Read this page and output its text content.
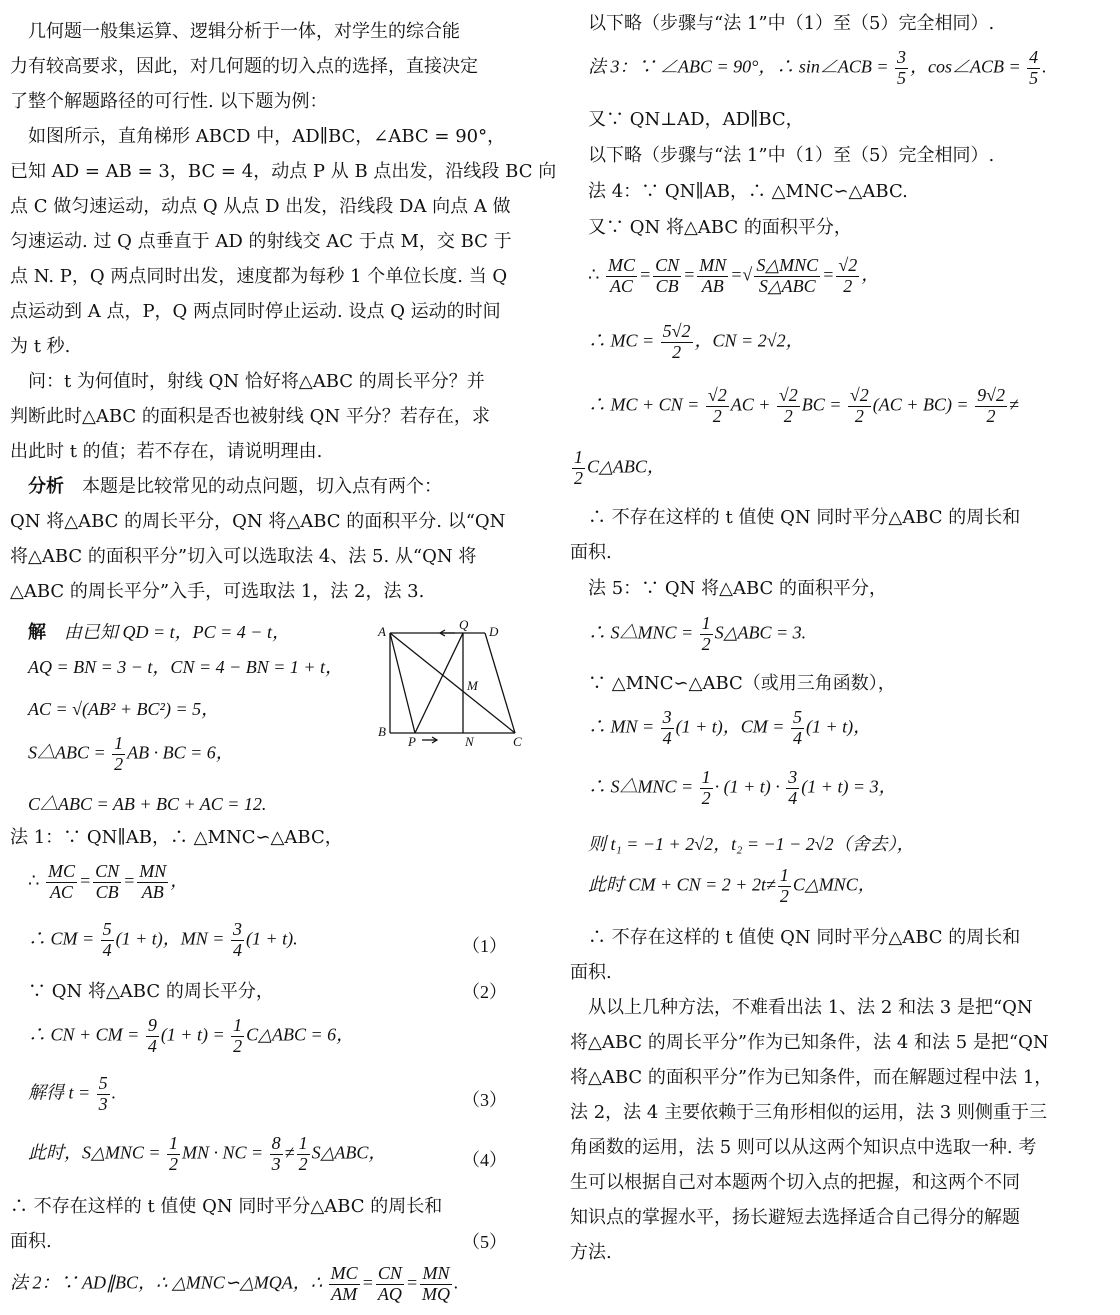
　几何题一般集运算、逻辑分析于一体，对学生的综合能
力有较高要求，因此，对几何题的切入点的选择，直接决定
了整个解题路径的可行性. 以下题为例：
　如图所示，直角梯形 ABCD 中，AD∥BC，∠ABC = 90°，
已知 AD = AB = 3，BC = 4，动点 P 从 B 点出发，沿线段 BC 向
点 C 做匀速运动，动点 Q 从点 D 出发，沿线段 DA 向点 A 做
匀速运动. 过 Q 点垂直于 AD 的射线交 AC 于点 M，交 BC 于
点 N. P，Q 两点同时出发，速度都为每秒 1 个单位长度. 当 Q
点运动到 A 点，P，Q 两点同时停止运动. 设点 Q 运动的时间
为 t 秒.
　问：t 为何值时，射线 QN 恰好将△ABC 的周长平分？并
判断此时△ABC 的面积是否也被射线 QN 平分？若存在，求
出此时 t 的值；若不存在，请说明理由.
　分析　 本题是比较常见的动点问题，切入点有两个：
QN 将△ABC 的周长平分，QN 将△ABC 的面积平分. 以“QN
将△ABC 的面积平分”切入可以选取法 4、法 5. 从“QN 将
△ABC 的周长平分”入手，可选取法 1，法 2，法 3.
　解　 由已知 QD = t，PC = 4 − t，
　AQ = BN = 3 − t，CN = 4 − BN = 1 + t，
　AC = √(AB² + BC²) = 5，
　S△ABC = $\frac{1}{2}$ AB · BC = 6，
　C△ABC = AB + BC + AC = 12.
法 1：∵ QN∥AB，∴ △MNC∽△ABC，
　∴ $\frac{MC}{AC} = \frac{CN}{CB} = \frac{MN}{AB}$ ，
　∴ CM = $\frac{5}{4} (1 + t)$，MN = $\frac{3}{4} (1 + t)$.	（1）
　∵ QN 将△ABC 的周长平分，	（2）
　∴ CN + CM = $\frac{9}{4} (1 + t) = \frac{1}{2}$ C△ABC = 6，
　解得 $t = \frac{5}{3}$ .	（3）
　此时，S△MNC = $\frac{1}{2}$ MN · NC = $\frac{8}{3} \ne \frac{1}{2}$ S△ABC，	（4）
∴ 不存在这样的 t 值使 QN 同时平分△ABC 的周长和
面积.	（5）
法 2：∵ AD∥BC，∴ △MNC∽△MQA，∴ $\frac{MC}{AM} = \frac{CN}{AQ} = \frac{MN}{MQ}$ .
A	Q D
M
B
P	N	C
　以下略（步骤与“法 1”中（1）至（5）完全相同）.
　法 3：∵ ∠ABC = 90°，∴ sin∠ACB = $\frac{3}{5}$ ，cos∠ACB = $\frac{4}{5}$ .
　又∵ QN⊥AD，AD∥BC，
　以下略（步骤与“法 1”中（1）至（5）完全相同）.
　法 4：∵ QN∥AB，∴ △MNC∽△ABC.
　又∵ QN 将△ABC 的面积平分，
　∴ $\frac{MC}{AC} = \frac{CN}{CB} = \frac{MN}{AB}$ =√ $\frac{\text{S△MNC}}{\text{S△ABC}} = \frac{√2}{2}$ ，
　∴ MC = $\frac{5√2}{2}$ ，CN = 2√2，
　∴ MC + CN = $\frac{√2}{2}$ AC + $\frac{√2}{2}$ BC = $\frac{√2}{2} (AC + BC) = \frac{9√2}{2}$ ≠
$\frac{1}{2}$ C△ABC，
　∴ 不存在这样的 t 值使 QN 同时平分△ABC 的周长和
面积.
　法 5：∵ QN 将△ABC 的面积平分，
　∴ S△MNC = $\frac{1}{2}$ S△ABC = 3.
　∵ △MNC∽△ABC（或用三角函数），
　∴ MN = $\frac{3}{4} (1 + t)$，CM = $\frac{5}{4} (1 + t)$，
　∴ S△MNC = $\frac{1}{2} \cdot (1 + t) \cdot \frac{3}{4} (1 + t) = 3$，
　则 t₁ = −1 + 2√2，t₂ = −1 − 2√2（舍去），
　此时 CM + CN = $2 + 2t\ne \frac{1}{2}$ C△MNC，
　∴ 不存在这样的 t 值使 QN 同时平分△ABC 的周长和
面积.
　从以上几种方法，不难看出法 1、法 2 和法 3 是把“QN
将△ABC 的周长平分”作为已知条件，法 4 和法 5 是把“QN
将△ABC 的面积平分”作为已知条件，而在解题过程中法 1，
法 2，法 4 主要依赖于三角形相似的运用，法 3 则侧重于三
角函数的运用，法 5 则可以从这两个知识点中选取一种. 考
生可以根据自己对本题两个切入点的把握，和这两个不同
知识点的掌握水平，扬长避短去选择适合自己得分的解题
方法.
